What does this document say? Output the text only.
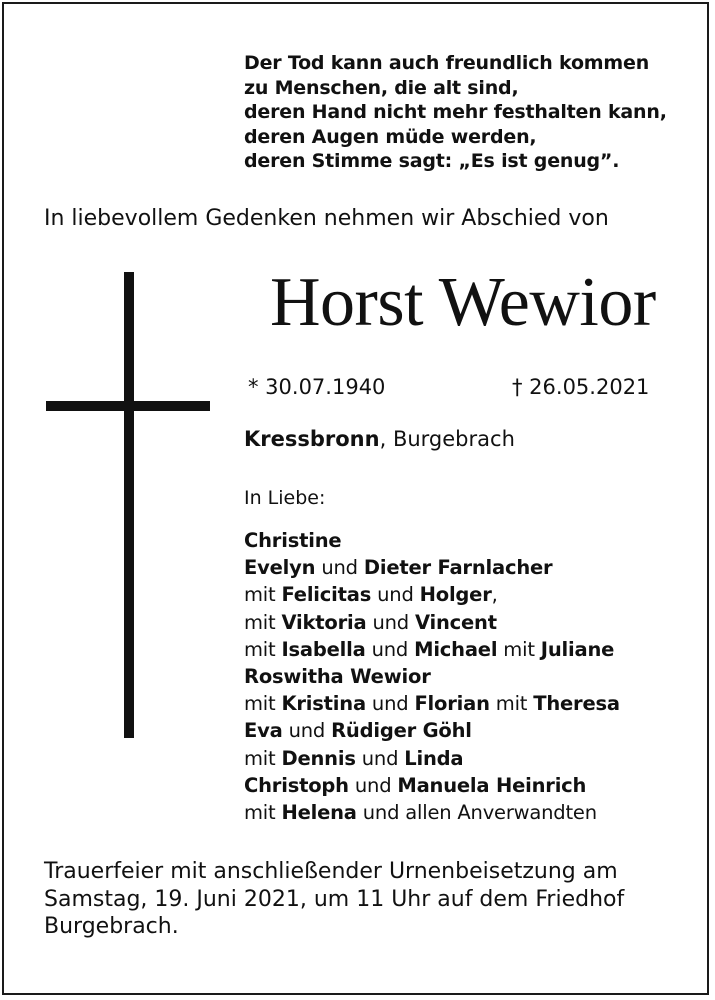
Der Tod kann auch freundlich kommen
zu Menschen, die alt sind,
deren Hand nicht mehr festhalten kann,
deren Augen müde werden,
deren Stimme sagt: „Es ist genug”.
In liebevollem Gedenken nehmen wir Abschied von
Horst Wewior
* 30.07.1940	† 26.05.2021
Kressbronn, Burgebrach
In Liebe:
Christine
Evelyn und Dieter Farnlacher
mit Felicitas und Holger,
mit Viktoria und Vincent
mit Isabella und Michael mit Juliane
Roswitha Wewior
mit Kristina und Florian mit Theresa
Eva und Rüdiger Göhl
mit Dennis und Linda
Christoph und Manuela Heinrich
mit Helena und allen Anverwandten
Trauerfeier mit anschließender Urnenbeisetzung am
Samstag, 19. Juni 2021, um 11 Uhr auf dem Friedhof
Burgebrach.
